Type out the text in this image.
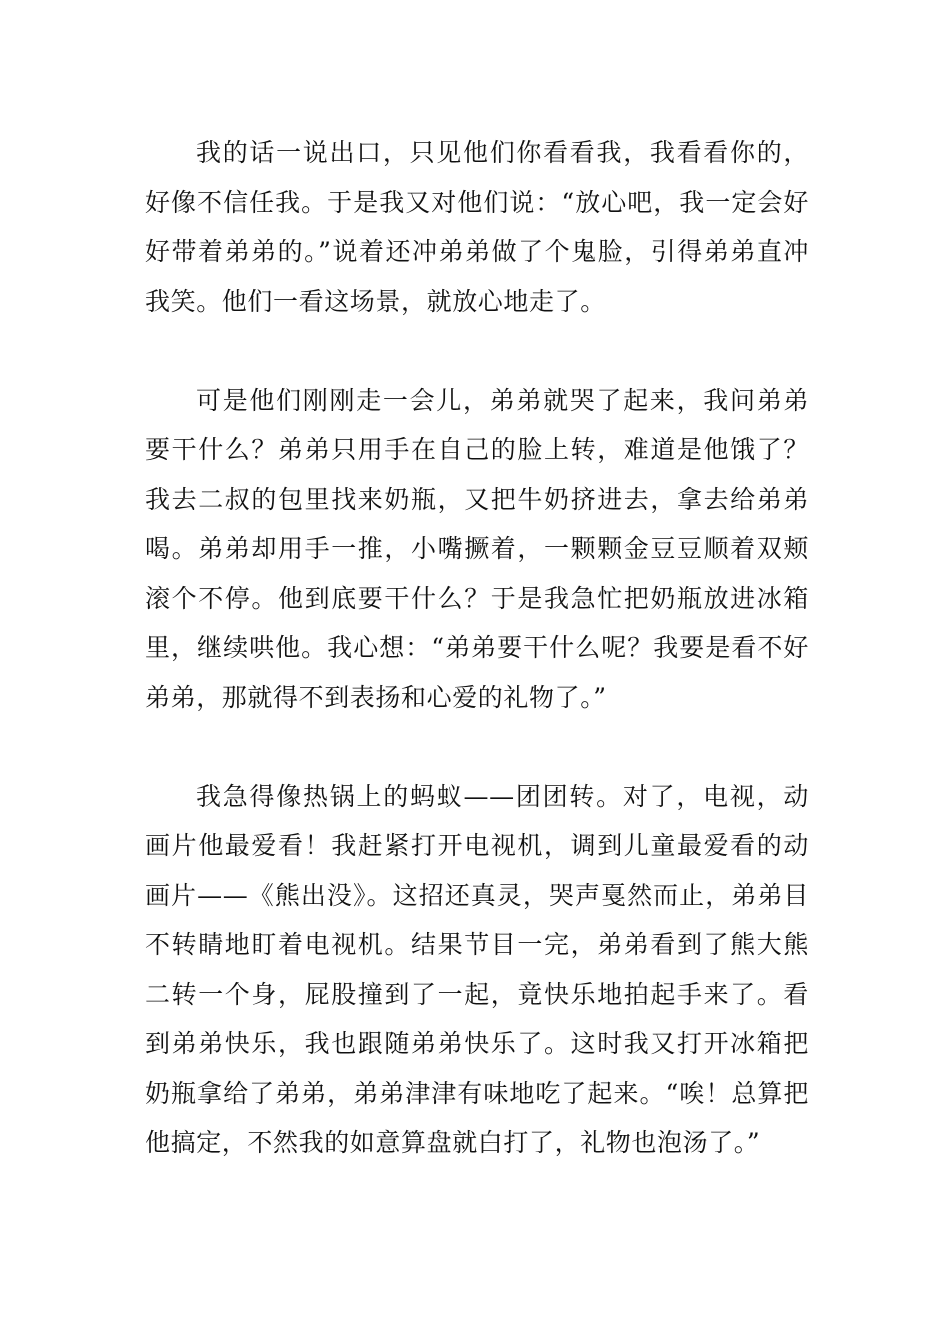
我的话一说出口，只见他们你看看我，我看看你的，好像不信任我。于是我又对他们说：“放心吧，我一定会好好带着弟弟的。”说着还冲弟弟做了个鬼脸，引得弟弟直冲我笑。他们一看这场景，就放心地走了。

可是他们刚刚走一会儿，弟弟就哭了起来，我问弟弟要干什么？弟弟只用手在自己的脸上转，难道是他饿了？我去二叔的包里找来奶瓶，又把牛奶挤进去，拿去给弟弟喝。弟弟却用手一推，小嘴撅着，一颗颗金豆豆顺着双颊滚个不停。他到底要干什么？于是我急忙把奶瓶放进冰箱里，继续哄他。我心想：“弟弟要干什么呢？我要是看不好弟弟，那就得不到表扬和心爱的礼物了。”

我急得像热锅上的蚂蚁——团团转。对了，电视，动画片他最爱看！我赶紧打开电视机，调到儿童最爱看的动画片——《熊出没》。这招还真灵，哭声戛然而止，弟弟目不转睛地盯着电视机。结果节目一完，弟弟看到了熊大熊二转一个身，屁股撞到了一起，竟快乐地拍起手来了。看到弟弟快乐，我也跟随弟弟快乐了。这时我又打开冰箱把奶瓶拿给了弟弟，弟弟津津有味地吃了起来。“唉！总算把他搞定，不然我的如意算盘就白打了，礼物也泡汤了。”
